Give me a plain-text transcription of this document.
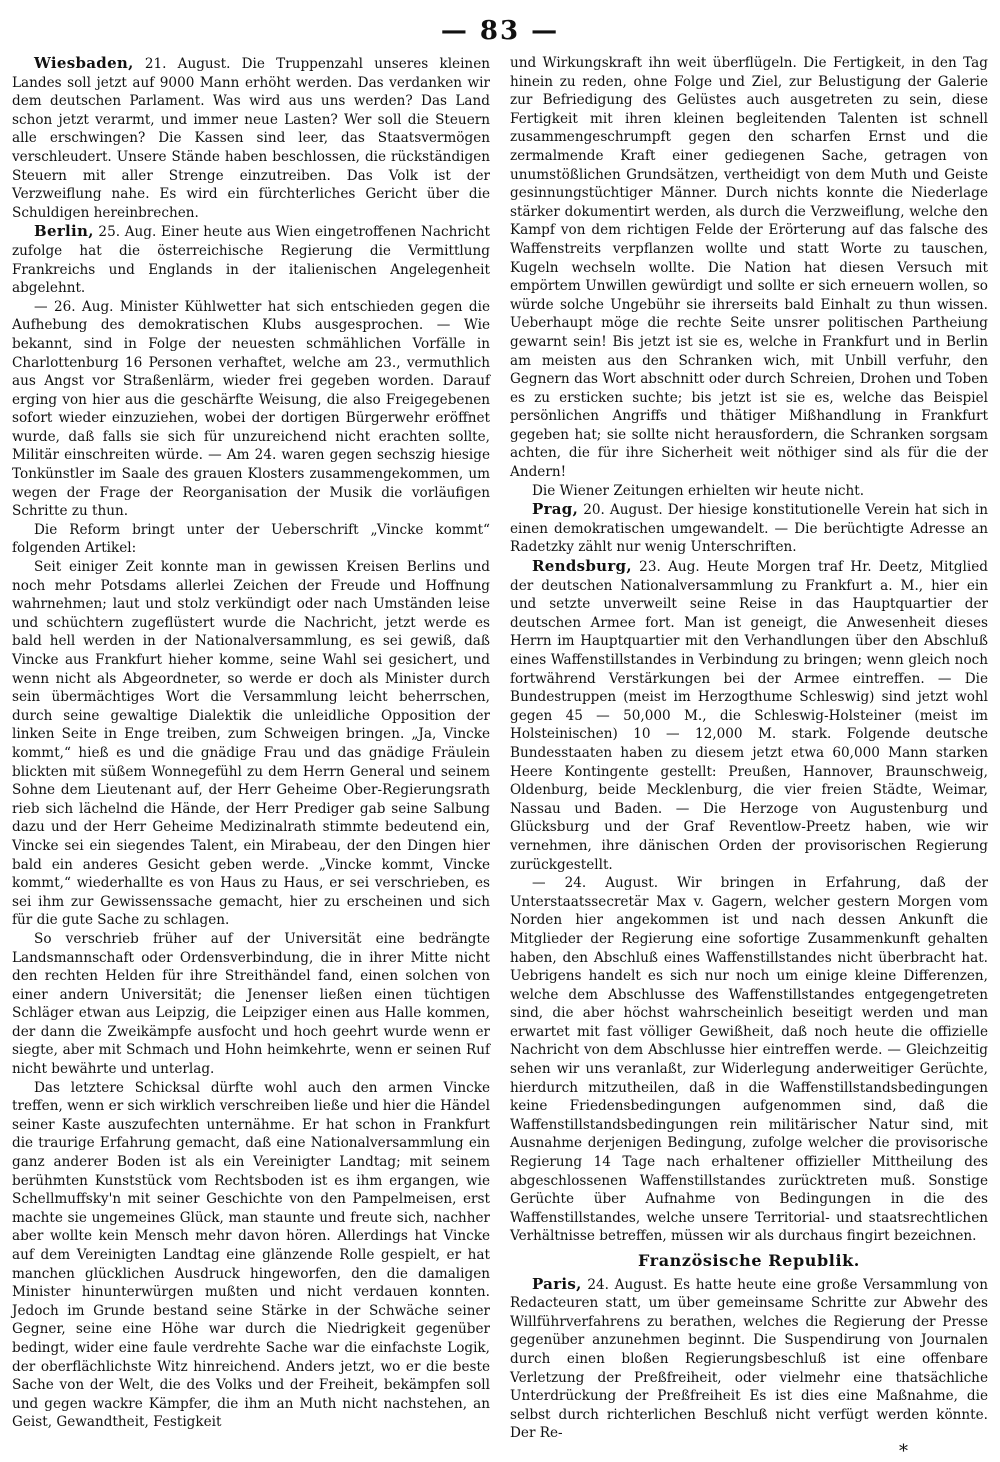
— 83 —

Wiesbaden, 21. August. Die Truppenzahl unseres kleinen Landes soll jetzt auf 9000 Mann erhöht werden. Das verdanken wir dem deutschen Parlament. Was wird aus uns werden? Das Land schon jetzt verarmt, und immer neue Lasten? Wer soll die Steuern alle erschwingen? Die Kassen sind leer, das Staatsvermögen verschleudert. Unsere Stände haben beschlossen, die rückständigen Steuern mit aller Strenge einzutreiben. Das Volk ist der Verzweiflung nahe. Es wird ein fürchterliches Gericht über die Schuldigen hereinbrechen.

Berlin, 25. Aug. Einer heute aus Wien eingetroffenen Nachricht zufolge hat die österreichische Regierung die Vermittlung Frankreichs und Englands in der italienischen Angelegenheit abgelehnt.

— 26. Aug. Minister Kühlwetter hat sich entschieden gegen die Aufhebung des demokratischen Klubs ausgesprochen. — Wie bekannt, sind in Folge der neuesten schmählichen Vorfälle in Charlottenburg 16 Personen verhaftet, welche am 23., vermuthlich aus Angst vor Straßenlärm, wieder frei gegeben worden. Darauf erging von hier aus die geschärfte Weisung, die also Freigegebenen sofort wieder einzuziehen, wobei der dortigen Bürgerwehr eröffnet wurde, daß falls sie sich für unzureichend nicht erachten sollte, Militär einschreiten würde. — Am 24. waren gegen sechszig hiesige Tonkünstler im Saale des grauen Klosters zusammengekommen, um wegen der Frage der Reorganisation der Musik die vorläufigen Schritte zu thun.

Die Reform bringt unter der Ueberschrift „Vincke kommt“ folgenden Artikel:

Seit einiger Zeit konnte man in gewissen Kreisen Berlins und noch mehr Potsdams allerlei Zeichen der Freude und Hoffnung wahrnehmen; laut und stolz verkündigt oder nach Umständen leise und schüchtern zugeflüstert wurde die Nachricht, jetzt werde es bald hell werden in der Nationalversammlung, es sei gewiß, daß Vincke aus Frankfurt hieher komme, seine Wahl sei gesichert, und wenn nicht als Abgeordneter, so werde er doch als Minister durch sein übermächtiges Wort die Versammlung leicht beherrschen, durch seine gewaltige Dialektik die unleidliche Opposition der linken Seite in Enge treiben, zum Schweigen bringen. „Ja, Vincke kommt,“ hieß es und die gnädige Frau und das gnädige Fräulein blickten mit süßem Wonnegefühl zu dem Herrn General und seinem Sohne dem Lieutenant auf, der Herr Geheime Ober-Regierungsrath rieb sich lächelnd die Hände, der Herr Prediger gab seine Salbung dazu und der Herr Geheime Medizinalrath stimmte bedeutend ein, Vincke sei ein siegendes Talent, ein Mirabeau, der den Dingen hier bald ein anderes Gesicht geben werde. „Vincke kommt, Vincke kommt,“ wiederhallte es von Haus zu Haus, er sei verschrieben, es sei ihm zur Gewissenssache gemacht, hier zu erscheinen und sich für die gute Sache zu schlagen.

So verschrieb früher auf der Universität eine bedrängte Landsmannschaft oder Ordensverbindung, die in ihrer Mitte nicht den rechten Helden für ihre Streithändel fand, einen solchen von einer andern Universität; die Jenenser ließen einen tüchtigen Schläger etwan aus Leipzig, die Leipziger einen aus Halle kommen, der dann die Zweikämpfe ausfocht und hoch geehrt wurde wenn er siegte, aber mit Schmach und Hohn heimkehrte, wenn er seinen Ruf nicht bewährte und unterlag.

Das letztere Schicksal dürfte wohl auch den armen Vincke treffen, wenn er sich wirklich verschreiben ließe und hier die Händel seiner Kaste auszufechten unternähme. Er hat schon in Frankfurt die traurige Erfahrung gemacht, daß eine Nationalversammlung ein ganz anderer Boden ist als ein Vereinigter Landtag; mit seinem berühmten Kunststück vom Rechtsboden ist es ihm ergangen, wie Schellmuffsky'n mit seiner Geschichte von den Pampelmeisen, erst machte sie ungemeines Glück, man staunte und freute sich, nachher aber wollte kein Mensch mehr davon hören. Allerdings hat Vincke auf dem Vereinigten Landtag eine glänzende Rolle gespielt, er hat manchen glücklichen Ausdruck hingeworfen, den die damaligen Minister hinunterwürgen mußten und nicht verdauen konnten. Jedoch im Grunde bestand seine Stärke in der Schwäche seiner Gegner, seine eine Höhe war durch die Niedrigkeit gegenüber bedingt, wider eine faule verdrehte Sache war die einfachste Logik, der oberflächlichste Witz hinreichend. Anders jetzt, wo er die beste Sache von der Welt, die des Volks und der Freiheit, bekämpfen soll und gegen wackre Kämpfer, die ihm an Muth nicht nachstehen, an Geist, Gewandtheit, Festigkeit

und Wirkungskraft ihn weit überflügeln. Die Fertigkeit, in den Tag hinein zu reden, ohne Folge und Ziel, zur Belustigung der Galerie zur Befriedigung des Gelüstes auch ausgetreten zu sein, diese Fertigkeit mit ihren kleinen begleitenden Talenten ist schnell zusammengeschrumpft gegen den scharfen Ernst und die zermalmende Kraft einer gediegenen Sache, getragen von unumstößlichen Grundsätzen, vertheidigt von dem Muth und Geiste gesinnungstüchtiger Männer. Durch nichts konnte die Niederlage stärker dokumentirt werden, als durch die Verzweiflung, welche den Kampf von dem richtigen Felde der Erörterung auf das falsche des Waffenstreits verpflanzen wollte und statt Worte zu tauschen, Kugeln wechseln wollte. Die Nation hat diesen Versuch mit empörtem Unwillen gewürdigt und sollte er sich erneuern wollen, so würde solche Ungebühr sie ihrerseits bald Einhalt zu thun wissen. Ueberhaupt möge die rechte Seite unsrer politischen Partheiung gewarnt sein! Bis jetzt ist sie es, welche in Frankfurt und in Berlin am meisten aus den Schranken wich, mit Unbill verfuhr, den Gegnern das Wort abschnitt oder durch Schreien, Drohen und Toben es zu ersticken suchte; bis jetzt ist sie es, welche das Beispiel persönlichen Angriffs und thätiger Mißhandlung in Frankfurt gegeben hat; sie sollte nicht herausfordern, die Schranken sorgsam achten, die für ihre Sicherheit weit nöthiger sind als für die der Andern!

Die Wiener Zeitungen erhielten wir heute nicht.

Prag, 20. August. Der hiesige konstitutionelle Verein hat sich in einen demokratischen umgewandelt. — Die berüchtigte Adresse an Radetzky zählt nur wenig Unterschriften.

Rendsburg, 23. Aug. Heute Morgen traf Hr. Deetz, Mitglied der deutschen Nationalversammlung zu Frankfurt a. M., hier ein und setzte unverweilt seine Reise in das Hauptquartier der deutschen Armee fort. Man ist geneigt, die Anwesenheit dieses Herrn im Hauptquartier mit den Verhandlungen über den Abschluß eines Waffenstillstandes in Verbindung zu bringen; wenn gleich noch fortwährend Verstärkungen bei der Armee eintreffen. — Die Bundestruppen (meist im Herzogthume Schleswig) sind jetzt wohl gegen 45 — 50,000 M., die Schleswig-Holsteiner (meist im Holsteinischen) 10 — 12,000 M. stark. Folgende deutsche Bundesstaaten haben zu diesem jetzt etwa 60,000 Mann starken Heere Kontingente gestellt: Preußen, Hannover, Braunschweig, Oldenburg, beide Mecklenburg, die vier freien Städte, Weimar, Nassau und Baden. — Die Herzoge von Augustenburg und Glücksburg und der Graf Reventlow-Preetz haben, wie wir vernehmen, ihre dänischen Orden der provisorischen Regierung zurückgestellt.

— 24. August. Wir bringen in Erfahrung, daß der Unterstaatssecretär Max v. Gagern, welcher gestern Morgen vom Norden hier angekommen ist und nach dessen Ankunft die Mitglieder der Regierung eine sofortige Zusammenkunft gehalten haben, den Abschluß eines Waffenstillstandes nicht überbracht hat. Uebrigens handelt es sich nur noch um einige kleine Differenzen, welche dem Abschlusse des Waffenstillstandes entgegengetreten sind, die aber höchst wahrscheinlich beseitigt werden und man erwartet mit fast völliger Gewißheit, daß noch heute die offizielle Nachricht von dem Abschlusse hier eintreffen werde. — Gleichzeitig sehen wir uns veranlaßt, zur Widerlegung anderweitiger Gerüchte, hierdurch mitzutheilen, daß in die Waffenstillstandsbedingungen keine Friedensbedingungen aufgenommen sind, daß die Waffenstillstandsbedingungen rein militärischer Natur sind, mit Ausnahme derjenigen Bedingung, zufolge welcher die provisorische Regierung 14 Tage nach erhaltener offizieller Mittheilung des abgeschlossenen Waffenstillstandes zurücktreten muß. Sonstige Gerüchte über Aufnahme von Bedingungen in die des Waffenstillstandes, welche unsere Territorial- und staatsrechtlichen Verhältnisse betreffen, müssen wir als durchaus fingirt bezeichnen.

Französische Republik.

Paris, 24. August. Es hatte heute eine große Versammlung von Redacteuren statt, um über gemeinsame Schritte zur Abwehr des Willführverfahrens zu berathen, welches die Regierung der Presse gegenüber anzunehmen beginnt. Die Suspendirung von Journalen durch einen bloßen Regierungsbeschluß ist eine offenbare Verletzung der Preßfreiheit, oder vielmehr eine thatsächliche Unterdrückung der Preßfreiheit Es ist dies eine Maßnahme, die selbst durch richterlichen Beschluß nicht verfügt werden könnte. Der Re-

*
